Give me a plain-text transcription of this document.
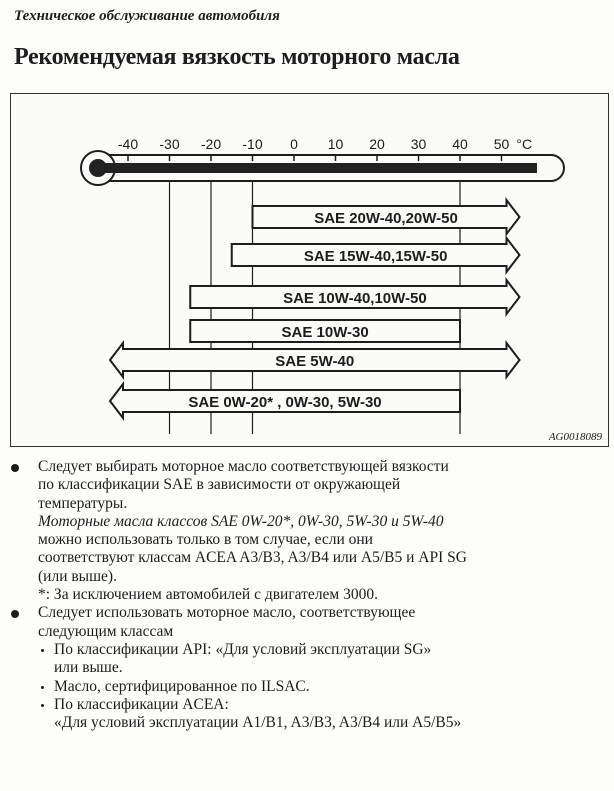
Техническое обслуживание автомобиля
Рекомендуемая вязкость моторного масла
-40 -30 -20 -10 0 10 20 30 40 50 °C
SAE 20W-40,20W-50
SAE 15W-40,15W-50
SAE 10W-40,10W-50
SAE 10W-30
SAE 5W-40
SAE 0W-20* , 0W-30, 5W-30
AG0018089
Следует выбирать моторное масло соответствующей вязкости
по классификации SAE в зависимости от окружающей
температуры.
Моторные масла классов SAE 0W-20*, 0W-30, 5W-30 и 5W-40
можно использовать только в том случае, если они
соответствуют классам ACEA A3/B3, A3/B4 или A5/B5 и API SG
(или выше).
*: За исключением автомобилей с двигателем 3000.
Следует использовать моторное масло, соответствующее
следующим классам
По классификации API: «Для условий эксплуатации SG»
или выше.
Масло, сертифицированное по ILSAC.
По классификации ACEA:
«Для условий эксплуатации A1/B1, A3/B3, A3/B4 или A5/B5»
